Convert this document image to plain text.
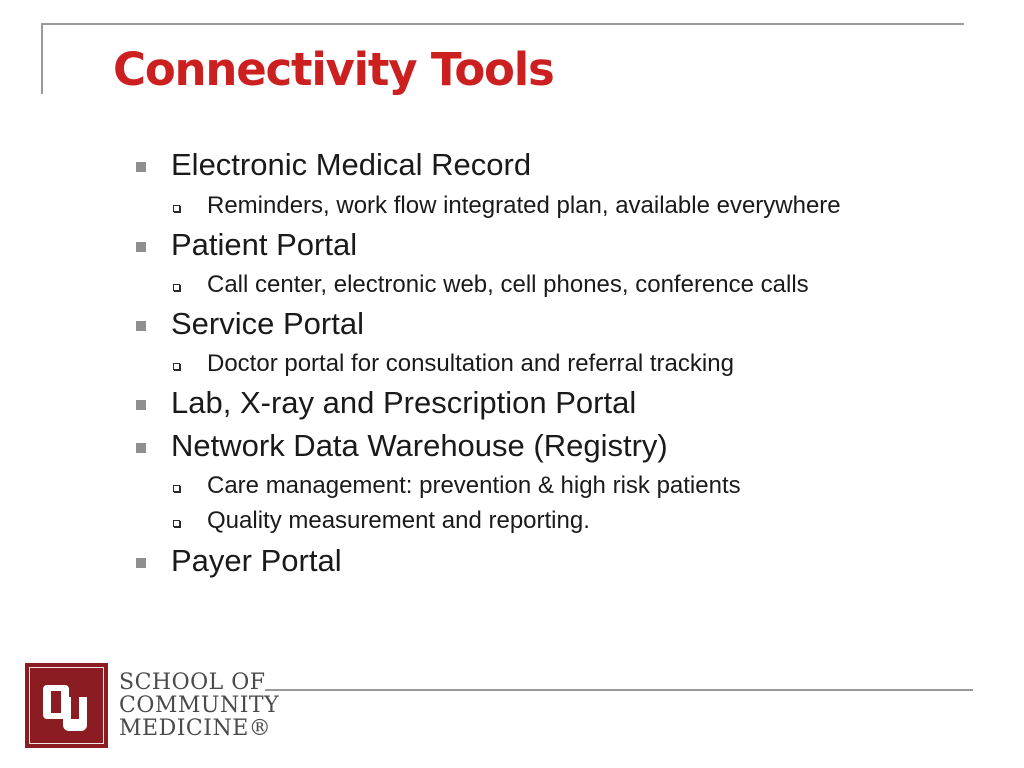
Connectivity Tools
Electronic Medical Record
Reminders, work flow integrated plan, available everywhere
Patient Portal
Call center, electronic web, cell phones, conference calls
Service Portal
Doctor portal for consultation and referral tracking
Lab, X-ray and Prescription Portal
Network Data Warehouse (Registry)
Care management: prevention & high risk patients
Quality measurement and reporting.
Payer Portal
SCHOOL OF
COMMUNITY
MEDICINE®
